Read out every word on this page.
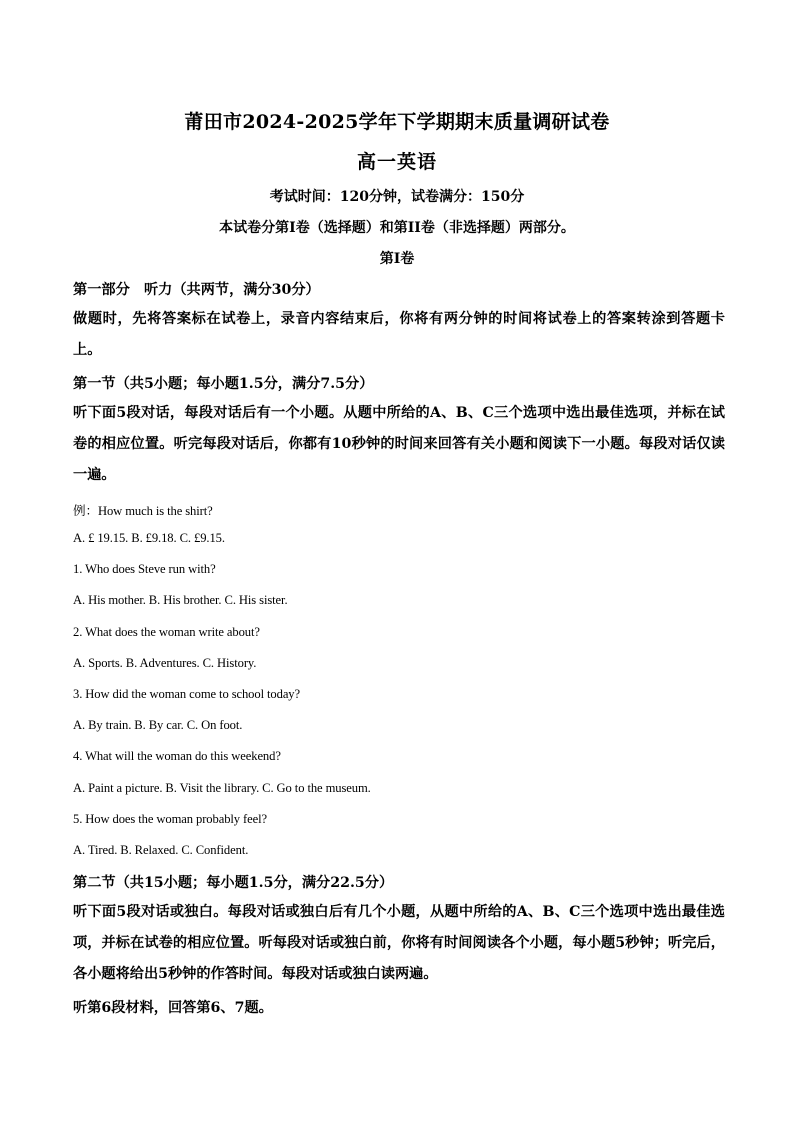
莆田市2024-2025学年下学期期末质量调研试卷
高一英语
考试时间：120分钟，试卷满分：150分
本试卷分第I卷（选择题）和第II卷（非选择题）两部分。
第I卷

第一部分　听力（共两节，满分30分）

做题时，先将答案标在试卷上，录音内容结束后，你将有两分钟的时间将试卷上的答案转涂到答题卡上。

第一节（共5小题；每小题1.5分，满分7.5分）

听下面5段对话，每段对话后有一个小题。从题中所给的A、B、C三个选项中选出最佳选项，并标在试卷的相应位置。听完每段对话后，你都有10秒钟的时间来回答有关小题和阅读下一小题。每段对话仅读一遍。

例：How much is the shirt?

A. £ 19.15. B. £9.18. C. £9.15.

1. Who does Steve run with?

A. His mother. B. His brother. C. His sister.

2. What does the woman write about?

A. Sports. B. Adventures. C. History.

3. How did the woman come to school today?

A. By train. B. By car. C. On foot.

4. What will the woman do this weekend?

A. Paint a picture. B. Visit the library. C. Go to the museum.

5. How does the woman probably feel?

A. Tired. B. Relaxed. C. Confident.

第二节（共15小题；每小题1.5分，满分22.5分）

听下面5段对话或独白。每段对话或独白后有几个小题，从题中所给的A、B、C三个选项中选出最佳选项，并标在试卷的相应位置。听每段对话或独白前，你将有时间阅读各个小题，每小题5秒钟；听完后，各小题将给出5秒钟的作答时间。每段对话或独白读两遍。

听第6段材料，回答第6、7题。
